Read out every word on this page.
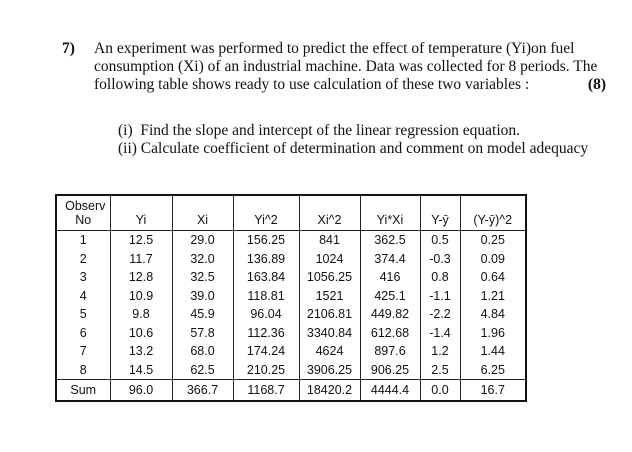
7)	An experiment was performed to predict the effect of temperature (Yi)on fuel
consumption (Xi) of an industrial machine. Data was collected for 8 periods. The
following table shows ready to use calculation of these two variables :	(8)
(i)  Find the slope and intercept of the linear regression equation.
(ii) Calculate coefficient of determination and comment on model adequacy
Observ							
No	Yi	Xi	Yi^2	Xi^2	Yi*Xi	Y-ȳ	(Y-ȳ)^2
1	12.5	29.0	156.25	841	362.5	0.5	0.25
2	11.7	32.0	136.89	1024	374.4	-0.3	0.09
3	12.8	32.5	163.84	1056.25	416	0.8	0.64
4	10.9	39.0	118.81	1521	425.1	-1.1	1.21
5	9.8	45.9	96.04	2106.81	449.82	-2.2	4.84
6	10.6	57.8	112.36	3340.84	612.68	-1.4	1.96
7	13.2	68.0	174.24	4624	897.6	1.2	1.44
8	14.5	62.5	210.25	3906.25	906.25	2.5	6.25
Sum	96.0	366.7	1168.7	18420.2	4444.4	0.0	16.7
